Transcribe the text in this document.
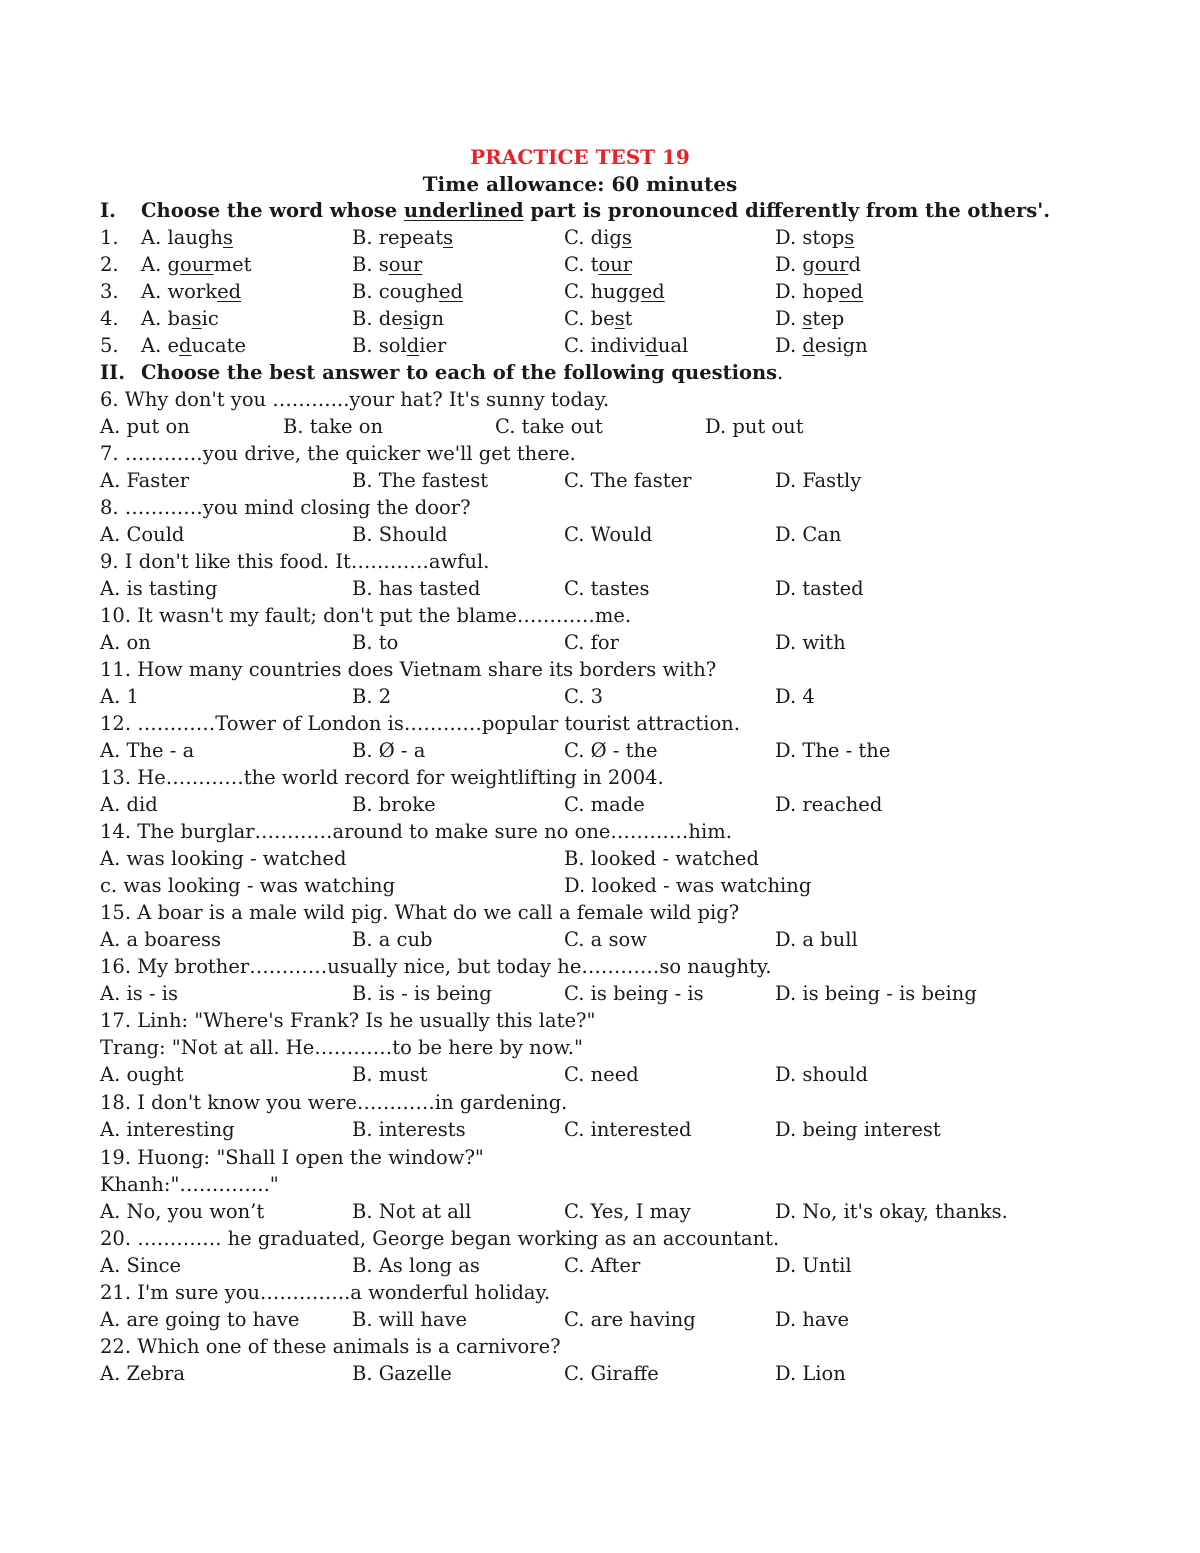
PRACTICE TEST 19
Time allowance: 60 minutes
I. Choose the word whose underlined part is pronounced differently from the others'.
1. A. laughs	B. repeats	C. digs	D. stops
2. A. gourmet	B. sour	C. tour	D. gourd
3. A. worked	B. coughed	C. hugged	D. hoped
4. A. basic	B. design	C. best	D. step
5. A. educate	B. soldier	C. individual	D. design
II. Choose the best answer to each of the following questions.
6. Why don't you ………...your hat? It's sunny today.
A. put on	B. take on	C. take out	D. put out
7. …………you drive, the quicker we'll get there.
A. Faster	B. The fastest	C. The faster	D. Fastly
8. …………you mind closing the door?
A. Could	B. Should	C. Would	D. Can
9. I don't like this food. It…………awful.
A. is tasting	B. has tasted	C. tastes	D. tasted
10. It wasn't my fault; don't put the blame…………me.
A. on	B. to	C. for	D. with
11. How many countries does Vietnam share its borders with?
A. 1	B. 2	C. 3	D. 4
12. …………Tower of London is…………popular tourist attraction.
A. The - a	B. Ø - a	C. Ø - the	D. The - the
13. He…………the world record for weightlifting in 2004.
A. did	B. broke	C. made	D. reached
14. The burglar…………around to make sure no one…………him.
A. was looking - watched	B. looked - watched
c. was looking - was watching	D. looked - was watching
15. A boar is a male wild pig. What do we call a female wild pig?
A. a boaress	B. a cub	C. a sow	D. a bull
16. My brother…………usually nice, but today he…………so naughty.
A. is - is	B. is - is being	C. is being - is	D. is being - is being
17. Linh: "Where's Frank? Is he usually this late?"
Trang: "Not at all. He…………to be here by now."
A. ought	B. must	C. need	D. should
18. I don't know you were…………in gardening.
A. interesting	B. interests	C. interested	D. being interest
19. Huong: "Shall I open the window?"
Khanh:"………….."
A. No, you won’t	B. Not at all	C. Yes, I may	D. No, it's okay, thanks.
20. …………. he graduated, George began working as an accountant.
A. Since	B. As long as	C. After	D. Until
21. I'm sure you…………..a wonderful holiday.
A. are going to have	B. will have	C. are having	D. have
22. Which one of these animals is a carnivore?
A. Zebra	B. Gazelle	C. Giraffe	D. Lion
